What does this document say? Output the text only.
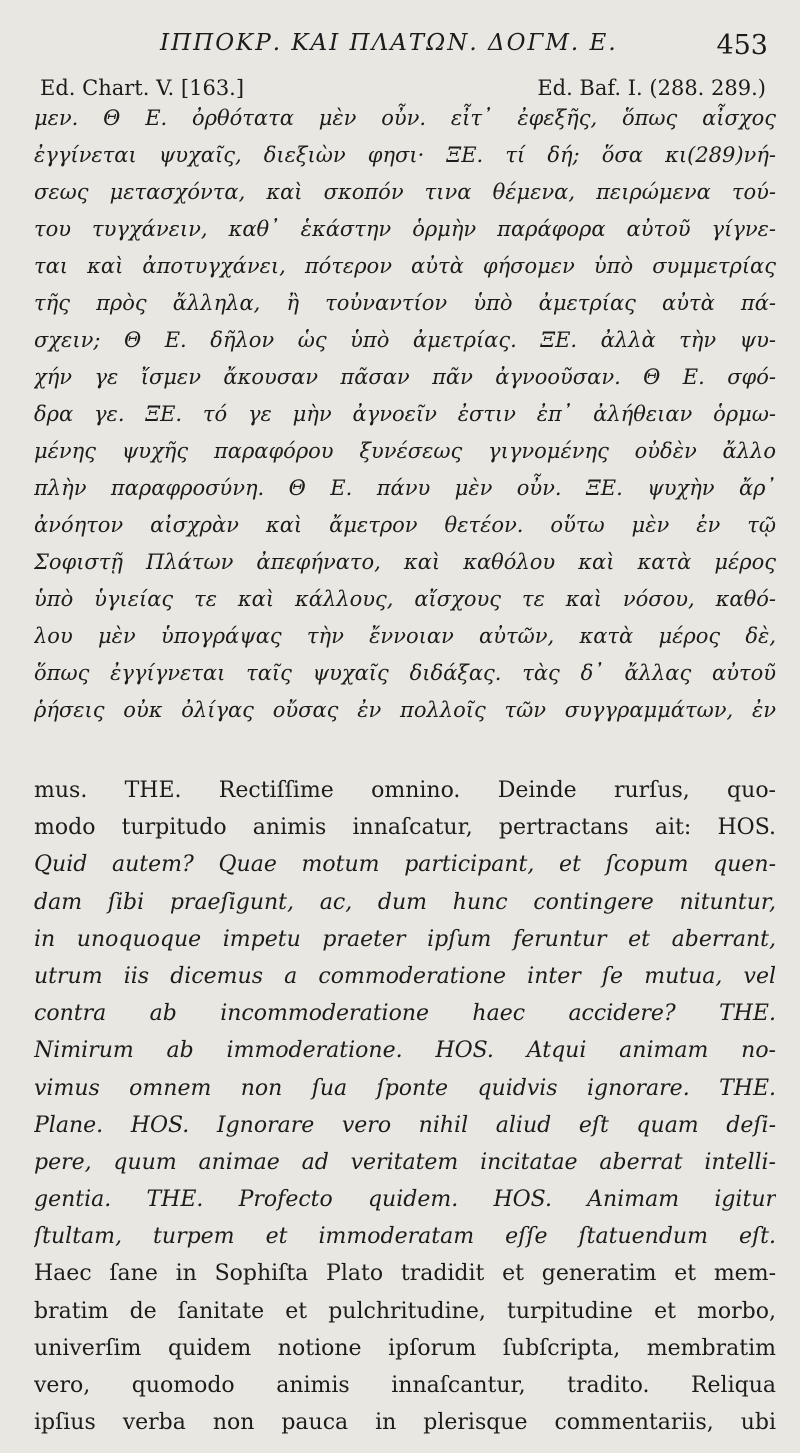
ΙΠΠΟΚΡ. ΚΑΙ ΠΛΑΤΩΝ. ΔΟΓΜ. Ε.	453
Ed. Chart. V. [163.]	Ed. Baf. I. (288. 289.)
μεν. Θ Ε. ὀρθότατα μὲν οὖν. εἶτ᾽ ἐφεξῆς, ὅπως αἶσχος
ἐγγίνεται ψυχαῖς, διεξιὼν φησι· ΞΕ. τί δή; ὅσα κι(289)νή-
σεως μετασχόντα, καὶ σκοπόν τινα θέμενα, πειρώμενα τού-
του τυγχάνειν, καθ᾽ ἑκάστην ὁρμὴν παράφορα αὐτοῦ γίγνε-
ται καὶ ἀποτυγχάνει, πότερον αὐτὰ φήσομεν ὑπὸ συμμετρίας
τῆς πρὸς ἄλληλα, ἢ τοὐναντίον ὑπὸ ἀμετρίας αὐτὰ πά-
σχειν; Θ Ε. δῆλον ὡς ὑπὸ ἀμετρίας. ΞΕ. ἀλλὰ τὴν ψυ-
χήν γε ἴσμεν ἄκουσαν πᾶσαν πᾶν ἀγνοοῦσαν. Θ Ε. σφό-
δρα γε. ΞΕ. τό γε μὴν ἀγνοεῖν ἐστιν ἐπ᾽ ἀλήθειαν ὁρμω-
μένης ψυχῆς παραφόρου ξυνέσεως γιγνομένης οὐδὲν ἄλλο
πλὴν παραφροσύνη. Θ Ε. πάνυ μὲν οὖν. ΞΕ. ψυχὴν ἄρ᾽
ἀνόητον αἰσχρὰν καὶ ἄμετρον θετέον. οὕτω μὲν ἐν τῷ
Σοφιστῇ Πλάτων ἀπεφήνατο, καὶ καθόλου καὶ κατὰ μέρος
ὑπὸ ὑγιείας τε καὶ κάλλους, αἴσχους τε καὶ νόσου, καθό-
λου μὲν ὑπογράψας τὴν ἔννοιαν αὐτῶν, κατὰ μέρος δὲ,
ὅπως ἐγγίγνεται ταῖς ψυχαῖς διδάξας. τὰς δ᾽ ἄλλας αὐτοῦ
ῥήσεις οὐκ ὀλίγας οὔσας ἐν πολλοῖς τῶν συγγραμμάτων, ἐν
mus. THE. Rectiſſime omnino. Deinde rurſus, quo-
modo turpitudo animis innaſcatur, pertractans ait: HOS.
Quid autem? Quae motum participant, et ſcopum quen-
dam ſibi praeſigunt, ac, dum hunc contingere nituntur,
in unoquoque impetu praeter ipſum feruntur et aberrant,
utrum iis dicemus a commoderatione inter ſe mutua, vel
contra ab incommoderatione haec accidere? THE.
Nimirum ab immoderatione. HOS. Atqui animam no-
vimus omnem non ſua ſponte quidvis ignorare. THE.
Plane. HOS. Ignorare vero nihil aliud eſt quam deſi-
pere, quum animae ad veritatem incitatae aberrat intelli-
gentia. THE. Profecto quidem. HOS. Animam igitur
ſtultam, turpem et immoderatam eſſe ſtatuendum eſt.
Haec ſane in Sophiſta Plato tradidit et generatim et mem-
bratim de ſanitate et pulchritudine, turpitudine et morbo,
univerſim quidem notione ipſorum ſubſcripta, membratim
vero, quomodo animis innaſcantur, tradito. Reliqua
ipſius verba non pauca in plerisque commentariis, ubi
